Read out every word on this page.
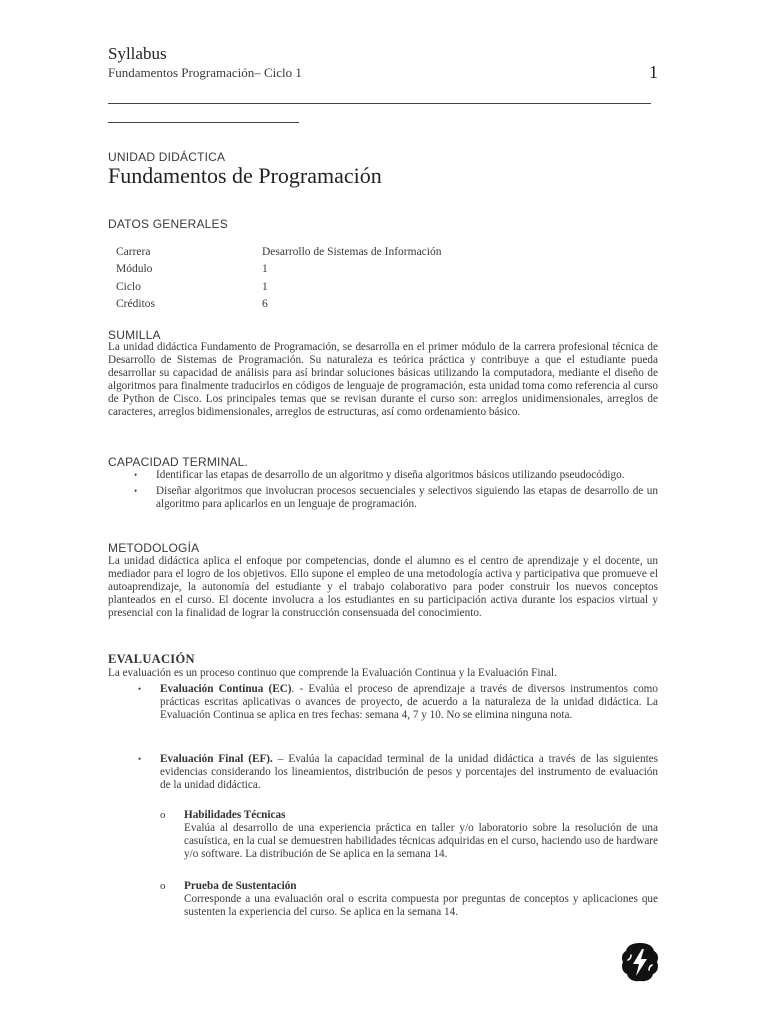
Syllabus
Fundamentos Programación– Ciclo 1	1
UNIDAD DIDÁCTICA
Fundamentos de Programación
DATOS GENERALES
Carrera	Desarrollo de Sistemas de Información
Módulo	1
Ciclo	1
Créditos	6
SUMILLA

La unidad didáctica Fundamento de Programación, se desarrolla en el primer módulo de la carrera profesional técnica de Desarrollo de Sistemas de Programación. Su naturaleza es teórica práctica y contribuye a que el estudiante pueda desarrollar su capacidad de análisis para así brindar soluciones básicas utilizando la computadora, mediante el diseño de algoritmos para finalmente traducirlos en códigos de lenguaje de programación, esta unidad toma como referencia al curso de Python de Cisco. Los principales temas que se revisan durante el curso son: arreglos unidimensionales, arreglos de caracteres, arreglos bidimensionales, arreglos de estructuras, así como ordenamiento básico.

CAPACIDAD TERMINAL.
• Identificar las etapas de desarrollo de un algoritmo y diseña algoritmos básicos utilizando pseudocódigo.
• Diseñar algoritmos que involucran procesos secuenciales y selectivos siguiendo las etapas de desarrollo de un algoritmo para aplicarlos en un lenguaje de programación.
METODOLOGÍA

La unidad didáctica aplica el enfoque por competencias, donde el alumno es el centro de aprendizaje y el docente, un mediador para el logro de los objetivos. Ello supone el empleo de una metodología activa y participativa que promueve el autoaprendizaje, la autonomía del estudiante y el trabajo colaborativo para poder construir los nuevos conceptos planteados en el curso. El docente involucra a los estudiantes en su participación activa durante los espacios virtual y presencial con la finalidad de lograr la construcción consensuada del conocimiento.

EVALUACIÓN
La evaluación es un proceso continuo que comprende la Evaluación Continua y la Evaluación Final.
• Evaluación Continua (EC). - Evalúa el proceso de aprendizaje a través de diversos instrumentos como prácticas escritas aplicativas o avances de proyecto, de acuerdo a la naturaleza de la unidad didáctica. La Evaluación Continua se aplica en tres fechas: semana 4, 7 y 10. No se elimina ninguna nota.
• Evaluación Final (EF). – Evalúa la capacidad terminal de la unidad didáctica a través de las siguientes evidencias considerando los lineamientos, distribución de pesos y porcentajes del instrumento de evaluación de la unidad didáctica.
o Habilidades Técnicas
Evalúa al desarrollo de una experiencia práctica en taller y/o laboratorio sobre la resolución de una casuística, en la cual se demuestren habilidades técnicas adquiridas en el curso, haciendo uso de hardware y/o software. La distribución de Se aplica en la semana 14.
o Prueba de Sustentación
Corresponde a una evaluación oral o escrita compuesta por preguntas de conceptos y aplicaciones que sustenten la experiencia del curso. Se aplica en la semana 14.
